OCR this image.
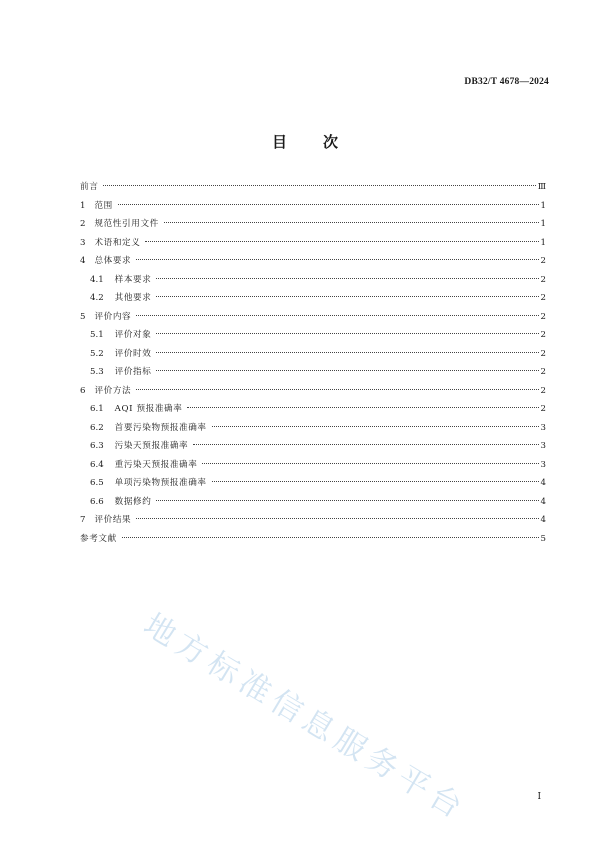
DB32/T 4678—2024
目 次
前言	Ⅲ
1 范围	1
2 规范性引用文件	1
3 术语和定义	1
4 总体要求	2
4.1 样本要求	2
4.2 其他要求	2
5 评价内容	2
5.1 评价对象	2
5.2 评价时效	2
5.3 评价指标	2
6 评价方法	2
6.1 AQI 预报准确率	2
6.2 首要污染物预报准确率	3
6.3 污染天预报准确率	3
6.4 重污染天预报准确率	3
6.5 单项污染物预报准确率	4
6.6 数据修约	4
7 评价结果	4
参考文献	5
地方标准信息服务平台	I
